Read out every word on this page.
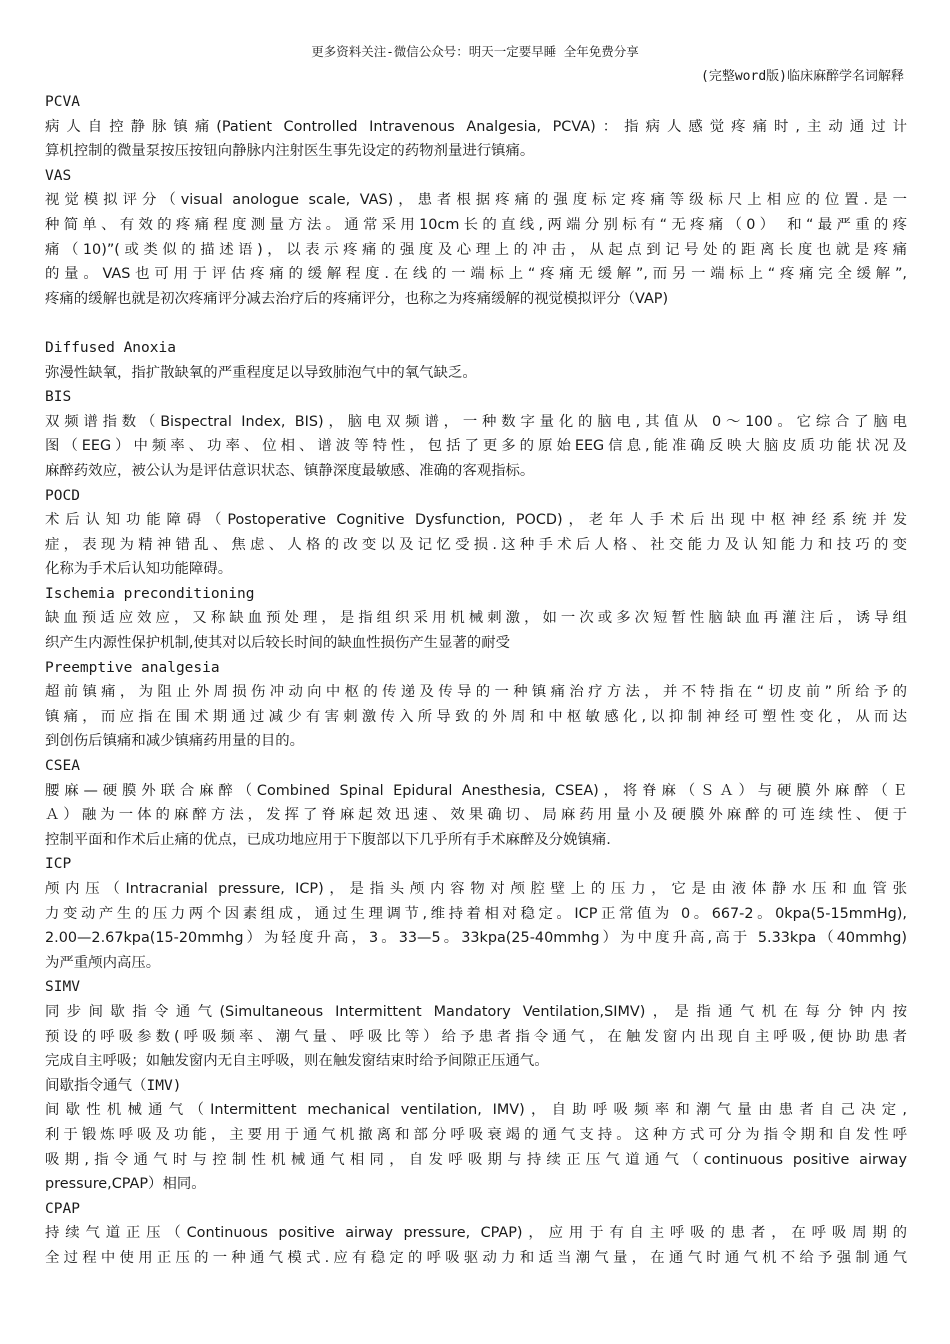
更多资料关注-微信公众号：明天一定要早睡 全年免费分享
(完整word版)临床麻醉学名词解释
PCVA
病人自控静脉镇痛(Patient Controlled Intravenous Analgesia, PCVA)：指病人感觉疼痛时,主动通过计
算机控制的微量泵按压按钮向静脉内注射医生事先设定的药物剂量进行镇痛。
VAS
视觉模拟评分（visual anologue scale, VAS)，患者根据疼痛的强度标定疼痛等级标尺上相应的位置.是一
种简单、有效的疼痛程度测量方法。通常采用10cm长的直线,两端分别标有“无疼痛（0） 和“最严重的疼
痛（10)”(或类似的描述语)，以表示疼痛的强度及心理上的冲击，从起点到记号处的距离长度也就是疼痛
的量。VAS也可用于评估疼痛的缓解程度.在线的一端标上“疼痛无缓解”,而另一端标上“疼痛完全缓解”,
疼痛的缓解也就是初次疼痛评分减去治疗后的疼痛评分，也称之为疼痛缓解的视觉模拟评分（VAP)
Diffused Anoxia
弥漫性缺氧，指扩散缺氧的严重程度足以导致肺泡气中的氧气缺乏。
BIS
双频谱指数（Bispectral Index, BIS)，脑电双频谱，一种数字量化的脑电,其值从 0～100。它综合了脑电
图（EEG）中频率、功率、位相、谱波等特性，包括了更多的原始EEG信息,能准确反映大脑皮质功能状况及
麻醉药效应，被公认为是评估意识状态、镇静深度最敏感、准确的客观指标。
POCD
术后认知功能障碍（Postoperative Cognitive Dysfunction, POCD)，老年人手术后出现中枢神经系统并发
症，表现为精神错乱、焦虑、人格的改变以及记忆受损.这种手术后人格、社交能力及认知能力和技巧的变
化称为手术后认知功能障碍。
Ischemia preconditioning
缺血预适应效应，又称缺血预处理，是指组织采用机械刺激，如一次或多次短暂性脑缺血再灌注后，诱导组
织产生内源性保护机制,使其对以后较长时间的缺血性损伤产生显著的耐受
Preemptive analgesia
超前镇痛，为阻止外周损伤冲动向中枢的传递及传导的一种镇痛治疗方法，并不特指在“切皮前”所给予的
镇痛，而应指在围术期通过减少有害刺激传入所导致的外周和中枢敏感化,以抑制神经可塑性变化，从而达
到创伤后镇痛和减少镇痛药用量的目的。
CSEA
腰麻—硬膜外联合麻醉（Combined Spinal Epidural Anesthesia, CSEA)，将脊麻（ＳＡ）与硬膜外麻醉（Ｅ
Ａ）融为一体的麻醉方法，发挥了脊麻起效迅速、效果确切、局麻药用量小及硬膜外麻醉的可连续性、便于
控制平面和作术后止痛的优点，已成功地应用于下腹部以下几乎所有手术麻醉及分娩镇痛.
ICP
颅内压（Intracranial pressure, ICP)，是指头颅内容物对颅腔壁上的压力，它是由液体静水压和血管张
力变动产生的压力两个因素组成，通过生理调节,维持着相对稳定。ICP正常值为 0。667-2。0kpa(5-15mmHg),
2.00—2.67kpa(15-20mmhg）为轻度升高，3。33—5。33kpa(25-40mmhg）为中度升高,高于 5.33kpa（40mmhg)
为严重颅内高压。
SIMV
同步间歇指令通气(Simultaneous Intermittent Mandatory Ventilation,SIMV)，是指通气机在每分钟内按
预设的呼吸参数(呼吸频率、潮气量、呼吸比等）给予患者指令通气，在触发窗内出现自主呼吸,便协助患者
完成自主呼吸；如触发窗内无自主呼吸，则在触发窗结束时给予间隙正压通气。
间歇指令通气（IMV)
间歇性机械通气（Intermittent mechanical ventilation, IMV)，自助呼吸频率和潮气量由患者自己决定,
利于锻炼呼吸及功能，主要用于通气机撤离和部分呼吸衰竭的通气支持。这种方式可分为指令期和自发性呼
吸期,指令通气时与控制性机械通气相同，自发呼吸期与持续正压气道通气（continuous positive airway
pressure,CPAP）相同。
CPAP
持续气道正压（Continuous positive airway pressure, CPAP)，应用于有自主呼吸的患者，在呼吸周期的
全过程中使用正压的一种通气模式.应有稳定的呼吸驱动力和适当潮气量，在通气时通气机不给予强制通气
